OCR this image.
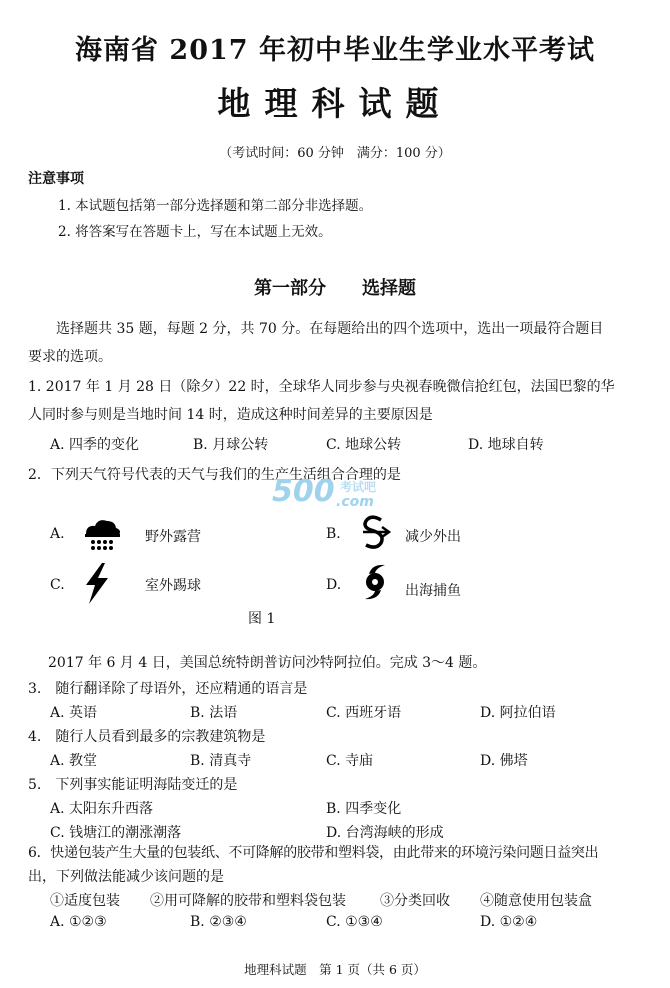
海南省 2017 年初中毕业生学业水平考试
地理科试题
（考试时间：60 分钟　满分：100 分）
注意事项
1. 本试题包括第一部分选择题和第二部分非选择题。
2. 将答案写在答题卡上，写在本试题上无效。
第一部分　　选择题
选择题共 35 题，每题 2 分，共 70 分。在每题给出的四个选项中，选出一项最符合题目
要求的选项。
1. 2017 年 1 月 28 日（除夕）22 时，全球华人同步参与央视春晚微信抢红包，法国巴黎的华
人同时参与则是当地时间 14 时，造成这种时间差异的主要原因是
A. 四季的变化	B. 月球公转	C. 地球公转	D. 地球自转
2．下列天气符号代表的天气与我们的生产生活组合合理的是
500 考试吧
.com
A.	野外露营	B.	减少外出
C.	室外踢球	D.	出海捕鱼
图 1
2017 年 6 月 4 日，美国总统特朗普访问沙特阿拉伯。完成 3～4 题。
3.　随行翻译除了母语外，还应精通的语言是
A. 英语	B. 法语	C. 西班牙语	D. 阿拉伯语
4.　随行人员看到最多的宗教建筑物是
A. 教堂	B. 清真寺	C. 寺庙	D. 佛塔
5.　下列事实能证明海陆变迁的是
A. 太阳东升西落	B. 四季变化
C. 钱塘江的潮涨潮落	D. 台湾海峡的形成
6．快递包装产生大量的包装纸、不可降解的胶带和塑料袋，由此带来的环境污染问题日益突出
出，下列做法能减少该问题的是
①适度包装 ②用可降解的胶带和塑料袋包装 ③分类回收 ④随意使用包装盒
A. ①②③	B. ②③④	C. ①③④	D. ①②④
地理科试题　第 1 页（共 6 页）
